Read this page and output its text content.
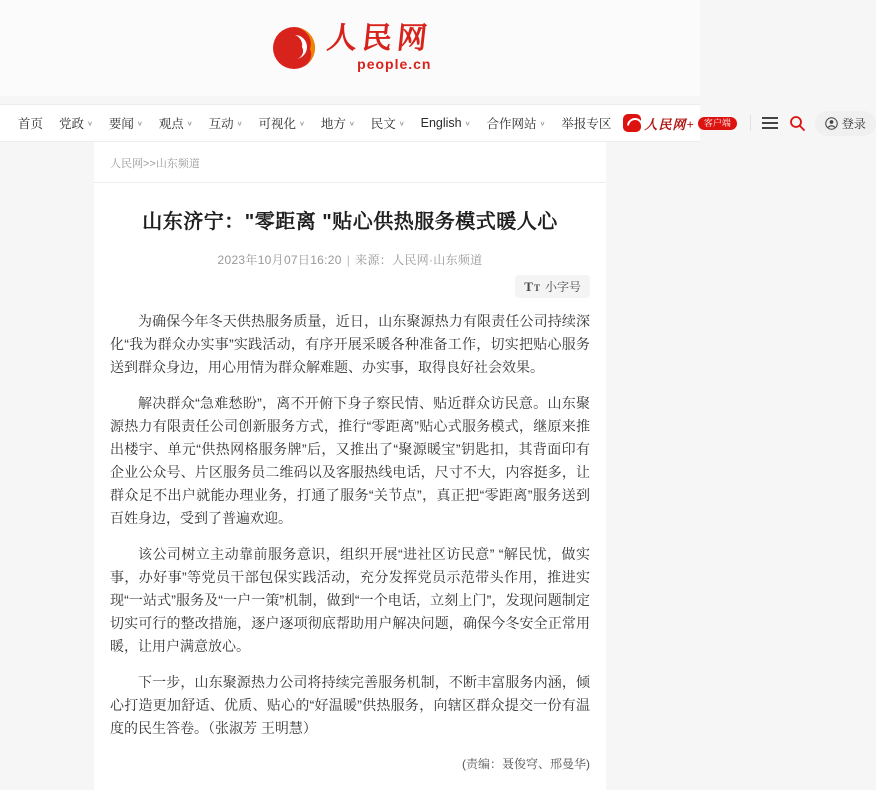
人民网
people.cn
首页 党政 ∨ 要闻 ∨ 观点 ∨ 互动 ∨ 可视化 ∨ 地方 ∨ 民文 ∨ English ∨ 合作网站 ∨ 举报专区	人民网+	客户端	登录
人民网>>山东频道
山东济宁："零距离 "贴心供热服务模式暖人心
2023年10月07日16:20 | 来源：人民网·山东频道
T T 小字号

为确保今年冬天供热服务质量，近日，山东聚源热力有限责任公司持续深化“我为群众办实事”实践活动，有序开展采暖各种准备工作，切实把贴心服务送到群众身边，用心用情为群众解难题、办实事，取得良好社会效果。

解决群众“急难愁盼”，离不开俯下身子察民情、贴近群众访民意。山东聚源热力有限责任公司创新服务方式，推行“零距离”贴心式服务模式，继原来推出楼宇、单元“供热网格服务牌”后，又推出了“聚源暖宝”钥匙扣，其背面印有企业公众号、片区服务员二维码以及客服热线电话，尺寸不大，内容挺多，让群众足不出户就能办理业务，打通了服务“关节点”，真正把“零距离”服务送到百姓身边，受到了普遍欢迎。

该公司树立主动靠前服务意识，组织开展“进社区访民意” “解民忧，做实事，办好事”等党员干部包保实践活动，充分发挥党员示范带头作用，推进实现“一站式”服务及“一户一策”机制，做到“一个电话，立刻上门”，发现问题制定切实可行的整改措施，逐户逐项彻底帮助用户解决问题，确保今冬安全正常用暖，让用户满意放心。

下一步，山东聚源热力公司将持续完善服务机制，不断丰富服务内涵，倾心打造更加舒适、优质、贴心的“好温暖”供热服务，向辖区群众提交一份有温度的民生答卷。（张淑芳 王明慧）

(责编：聂俊穹、邢曼华)
